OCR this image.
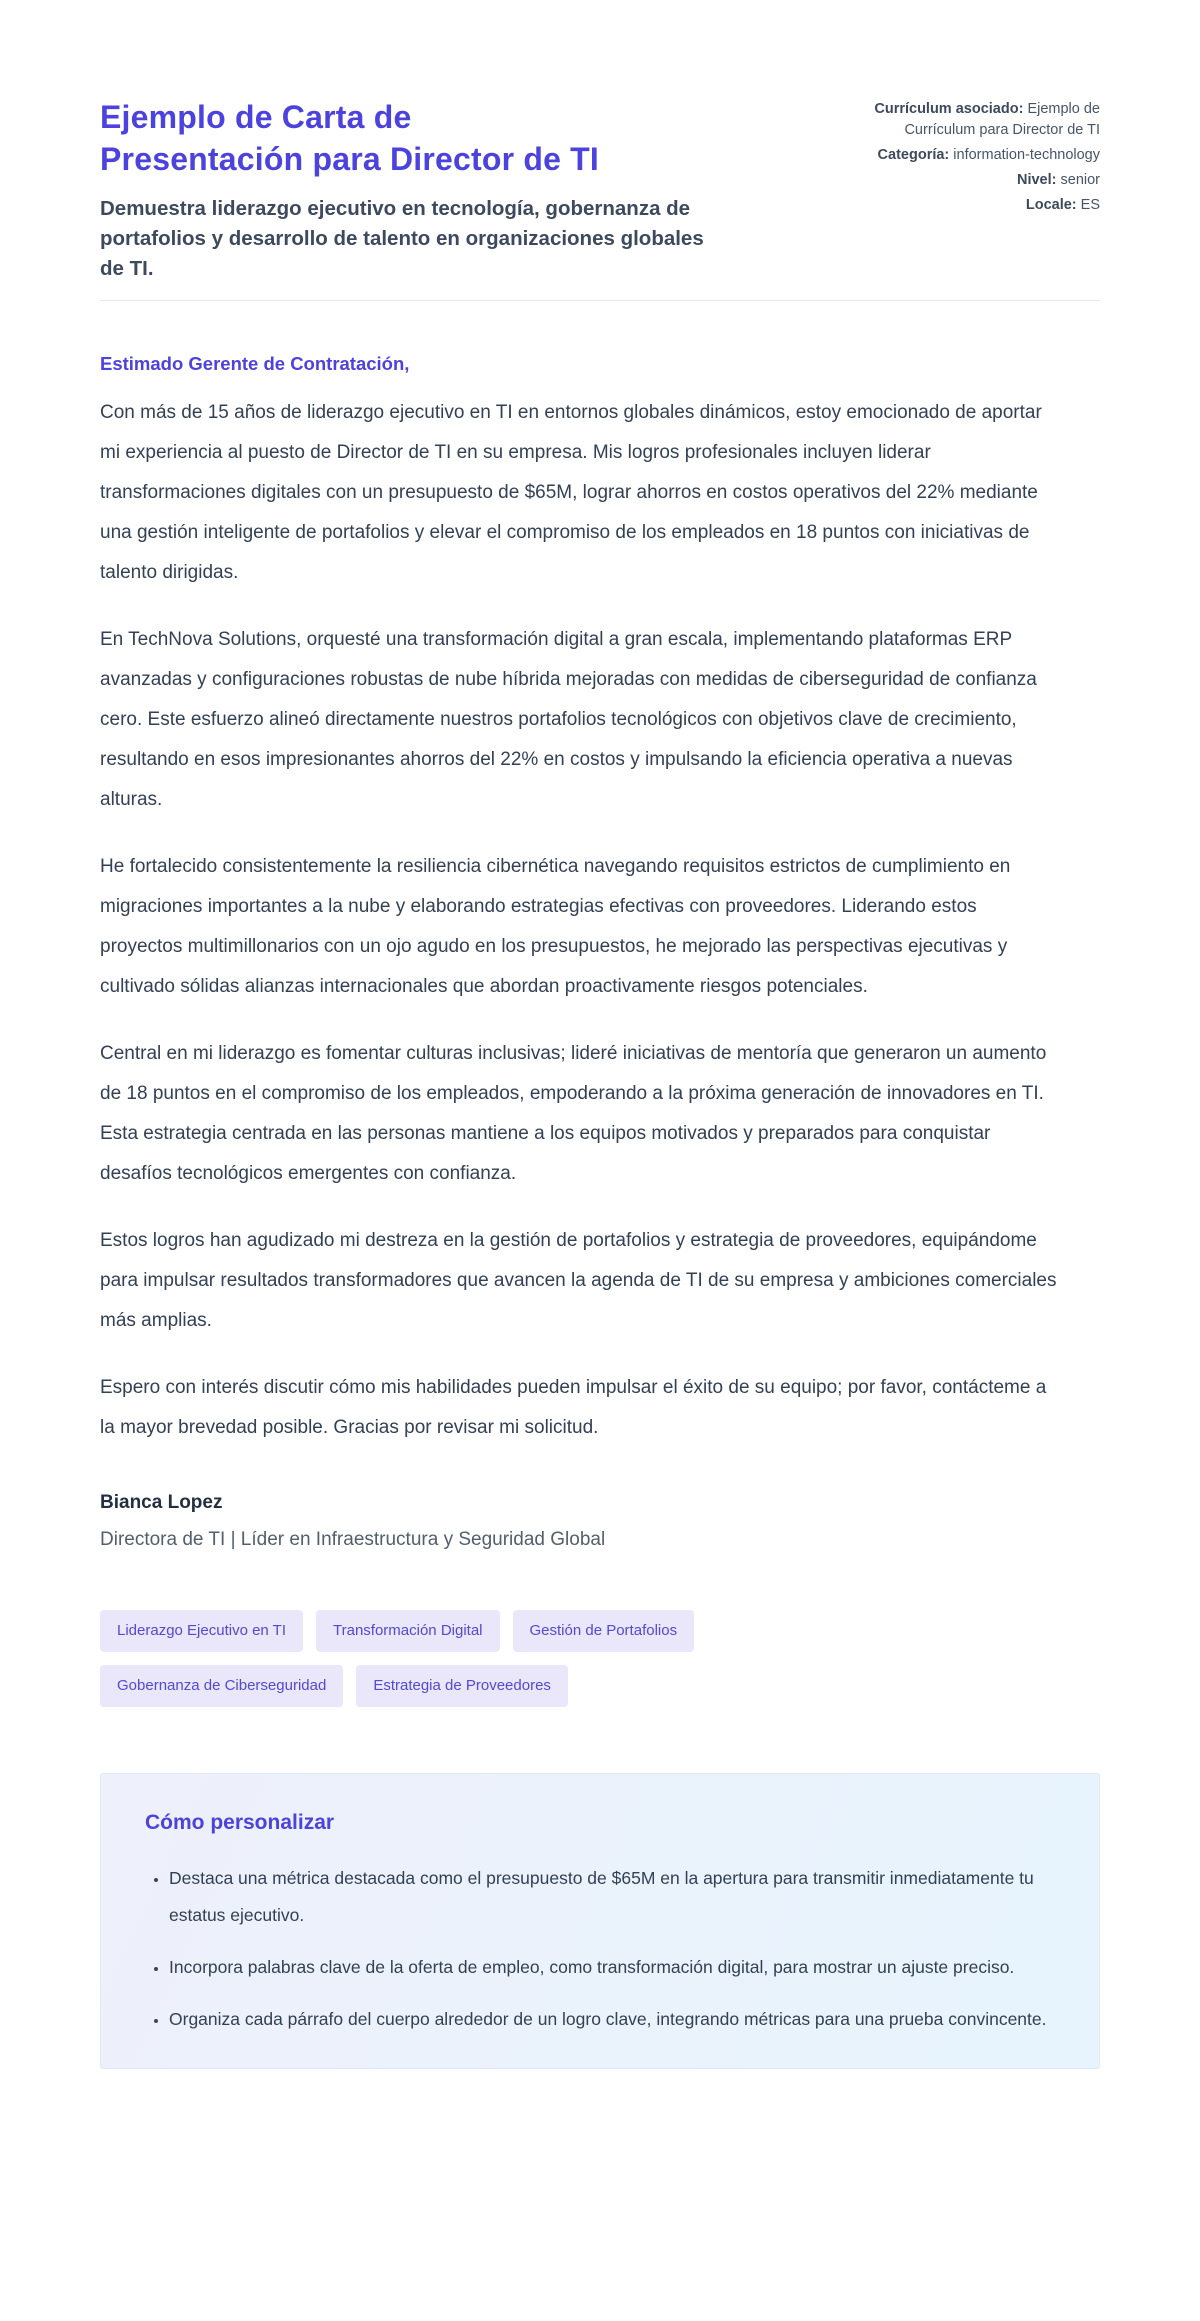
Ejemplo de Carta de
Presentación para Director de TI

Demuestra liderazgo ejecutivo en tecnología, gobernanza de portafolios y desarrollo de talento en organizaciones globales de TI.

Currículum asociado: Ejemplo de Currículum para Director de TI
Categoría: information-technology
Nivel: senior
Locale: ES

Estimado Gerente de Contratación,

Con más de 15 años de liderazgo ejecutivo en TI en entornos globales dinámicos, estoy emocionado de aportar mi experiencia al puesto de Director de TI en su empresa. Mis logros profesionales incluyen liderar transformaciones digitales con un presupuesto de $65M, lograr ahorros en costos operativos del 22% mediante una gestión inteligente de portafolios y elevar el compromiso de los empleados en 18 puntos con iniciativas de talento dirigidas.

En TechNova Solutions, orquesté una transformación digital a gran escala, implementando plataformas ERP avanzadas y configuraciones robustas de nube híbrida mejoradas con medidas de ciberseguridad de confianza cero. Este esfuerzo alineó directamente nuestros portafolios tecnológicos con objetivos clave de crecimiento, resultando en esos impresionantes ahorros del 22% en costos y impulsando la eficiencia operativa a nuevas alturas.

He fortalecido consistentemente la resiliencia cibernética navegando requisitos estrictos de cumplimiento en migraciones importantes a la nube y elaborando estrategias efectivas con proveedores. Liderando estos proyectos multimillonarios con un ojo agudo en los presupuestos, he mejorado las perspectivas ejecutivas y cultivado sólidas alianzas internacionales que abordan proactivamente riesgos potenciales.

Central en mi liderazgo es fomentar culturas inclusivas; lideré iniciativas de mentoría que generaron un aumento de 18 puntos en el compromiso de los empleados, empoderando a la próxima generación de innovadores en TI. Esta estrategia centrada en las personas mantiene a los equipos motivados y preparados para conquistar desafíos tecnológicos emergentes con confianza.

Estos logros han agudizado mi destreza en la gestión de portafolios y estrategia de proveedores, equipándome para impulsar resultados transformadores que avancen la agenda de TI de su empresa y ambiciones comerciales más amplias.

Espero con interés discutir cómo mis habilidades pueden impulsar el éxito de su equipo; por favor, contácteme a la mayor brevedad posible. Gracias por revisar mi solicitud.

Bianca Lopez

Directora de TI | Líder en Infraestructura y Seguridad Global

Liderazgo Ejecutivo en TI	Transformación Digital	Gestión de Portafolios
Gobernanza de Ciberseguridad	Estrategia de Proveedores
Cómo personalizar
• Destaca una métrica destacada como el presupuesto de $65M en la apertura para transmitir inmediatamente tu estatus ejecutivo.
• Incorpora palabras clave de la oferta de empleo, como transformación digital, para mostrar un ajuste preciso.
• Organiza cada párrafo del cuerpo alrededor de un logro clave, integrando métricas para una prueba convincente.
